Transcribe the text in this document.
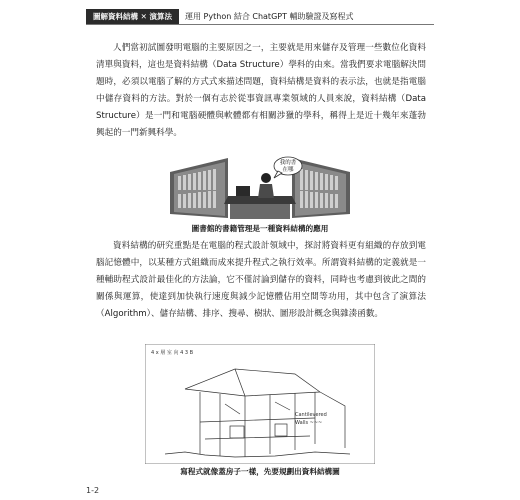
圖解資料結構 ✕ 演算法	運用 Python 結合 ChatGPT 輔助驗證及寫程式

人們當初試圖發明電腦的主要原因之一，主要就是用來儲存及管理一些數位化資料清單與資料，這也是資料結構（Data Structure）學科的由來。當我們要求電腦解決問題時，必須以電腦了解的方式式來描述問題，資料結構是資料的表示法，也就是指電腦中儲存資料的方法。對於一個有志於從事資訊專業領域的人員來說，資料結構（Data Structure）是一門和電腦硬體與軟體都有相關涉獵的學科，稱得上是近十幾年來蓬勃興起的一門新興科學。

我的書
在哪
圖書館的書籍管理是一種資料結構的應用

資料結構的研究重點是在電腦的程式設計領域中，探討將資料更有組織的存放到電腦記憶體中，以某種方式組織而成來提升程式之執行效率。所謂資料結構的定義就是一種輔助程式設計最佳化的方法論，它不僅討論到儲存的資料，同時也考慮到彼此之間的關係與運算，使達到加快執行速度與減少記憶體佔用空間等功用，其中包含了演算法（Algorithm）、儲存結構、排序、搜尋、樹狀、圖形設計概念與雜湊函數。

4 x 層 室 向 4 3 B
Cantilevered
Walls ~~~
寫程式就像蓋房子一樣，先要規劃出資料結構圖
1-2
